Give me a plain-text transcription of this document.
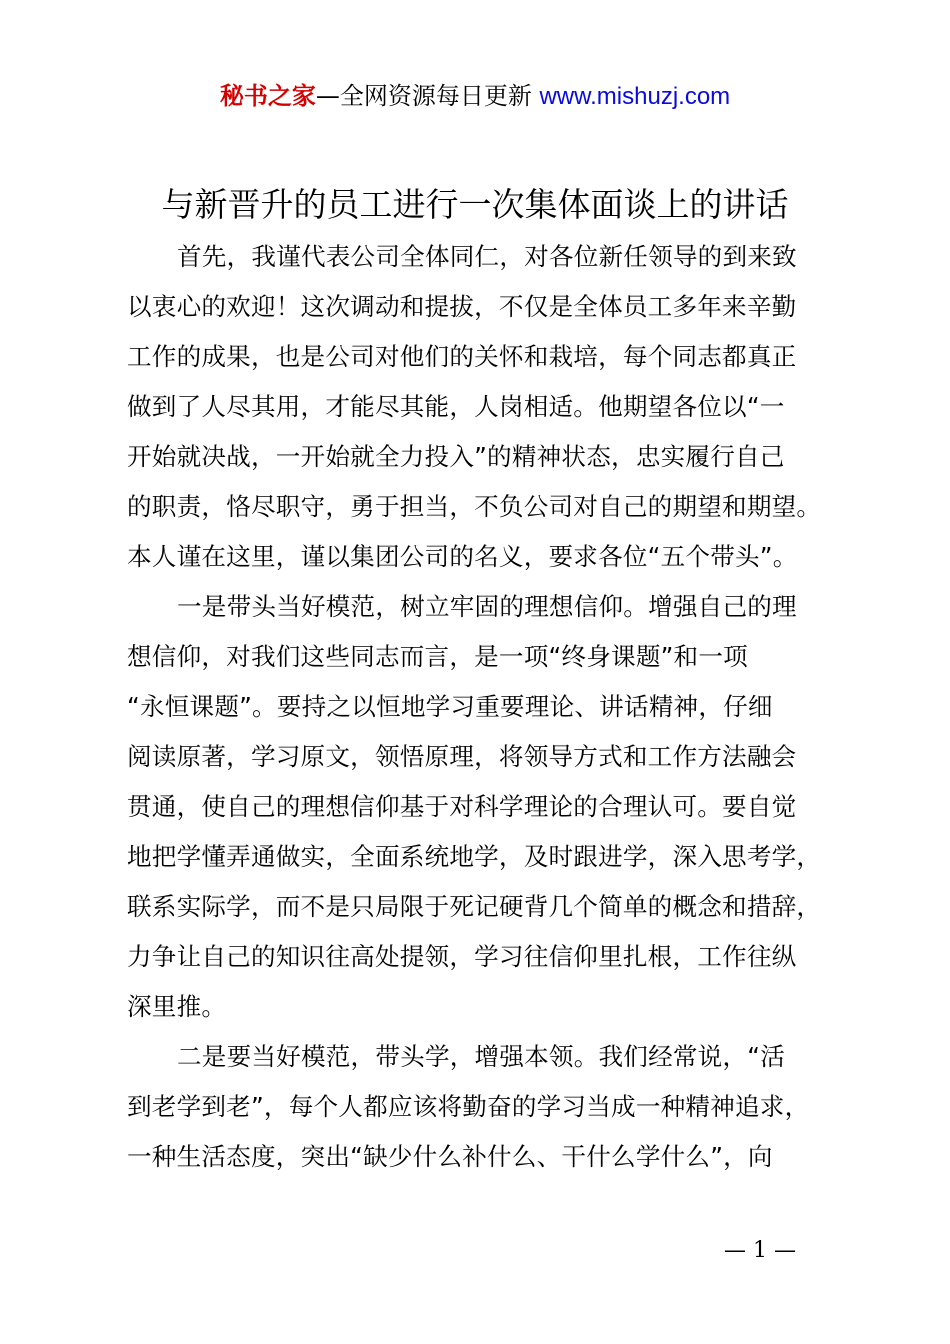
秘书之家—全网资源每日更新 www.mishuzj.com
与新晋升的员工进行一次集体面谈上的讲话
首先，我谨代表公司全体同仁，对各位新任领导的到来致
以衷心的欢迎！这次调动和提拔，不仅是全体员工多年来辛勤
工作的成果，也是公司对他们的关怀和栽培，每个同志都真正
做到了人尽其用，才能尽其能，人岗相适。他期望各位以“一
开始就决战，一开始就全力投入”的精神状态，忠实履行自己
的职责，恪尽职守，勇于担当，不负公司对自己的期望和期望。
本人谨在这里，谨以集团公司的名义，要求各位“五个带头”。
一是带头当好模范，树立牢固的理想信仰。增强自己的理
想信仰，对我们这些同志而言，是一项“终身课题”和一项
“永恒课题”。要持之以恒地学习重要理论、讲话精神，仔细
阅读原著，学习原文，领悟原理，将领导方式和工作方法融会
贯通，使自己的理想信仰基于对科学理论的合理认可。要自觉
地把学懂弄通做实，全面系统地学，及时跟进学，深入思考学，
联系实际学，而不是只局限于死记硬背几个简单的概念和措辞，
力争让自己的知识往高处提领，学习往信仰里扎根，工作往纵
深里推。
二是要当好模范，带头学，增强本领。我们经常说，“活
到老学到老”，每个人都应该将勤奋的学习当成一种精神追求，
一种生活态度，突出“缺少什么补什么、干什么学什么”，向
— 1 —
